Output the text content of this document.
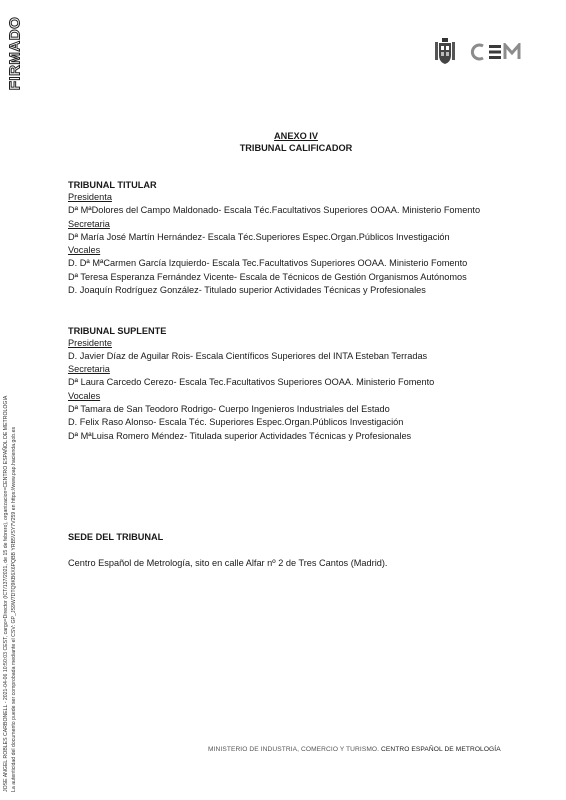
FIRMADO
JOSE ANGEL ROBLES CARBONELL - 2021-04-06 10:50:03 CEST, cargo=Director (ICT/137/2021, de 15 de febrero), organizacion=CENTRO ESPAÑOL DE METROLOGIA La autenticidad del documento puede ser comprobada mediante el CSV: GP_JS9W7DTQ9KB6X6PQBB YRB5VSY7V259 en https://www.pap.hacienda.gob.es
ANEXO IV
TRIBUNAL CALIFICADOR
TRIBUNAL TITULAR
Presidenta
Dª MªDolores del Campo Maldonado- Escala Téc.Facultativos Superiores OOAA. Ministerio Fomento
Secretaria
Dª María José Martín Hernández- Escala Téc.Superiores Espec.Organ.Públicos Investigación
Vocales
D. Dª MªCarmen García Izquierdo- Escala Tec.Facultativos Superiores OOAA. Ministerio Fomento
Dª Teresa Esperanza Fernández Vicente- Escala de Técnicos de Gestión Organismos Autónomos
D. Joaquín Rodríguez González- Titulado superior Actividades Técnicas y Profesionales
TRIBUNAL SUPLENTE
Presidente
D. Javier Díaz de Aguilar Rois- Escala Científicos Superiores del INTA Esteban Terradas
Secretaria
Dª Laura Carcedo Cerezo- Escala Tec.Facultativos Superiores OOAA. Ministerio Fomento
Vocales
Dª Tamara de San Teodoro Rodrigo- Cuerpo Ingenieros Industriales del Estado
D. Felix Raso Alonso- Escala Téc. Superiores Espec.Organ.Públicos Investigación
Dª MªLuisa Romero Méndez- Titulada superior Actividades Técnicas y Profesionales
SEDE DEL TRIBUNAL
Centro Español de Metrología, sito en calle Alfar nº 2 de Tres Cantos (Madrid).
MINISTERIO DE INDUSTRIA, COMERCIO Y TURISMO. CENTRO ESPAÑOL DE METROLOGÍA
